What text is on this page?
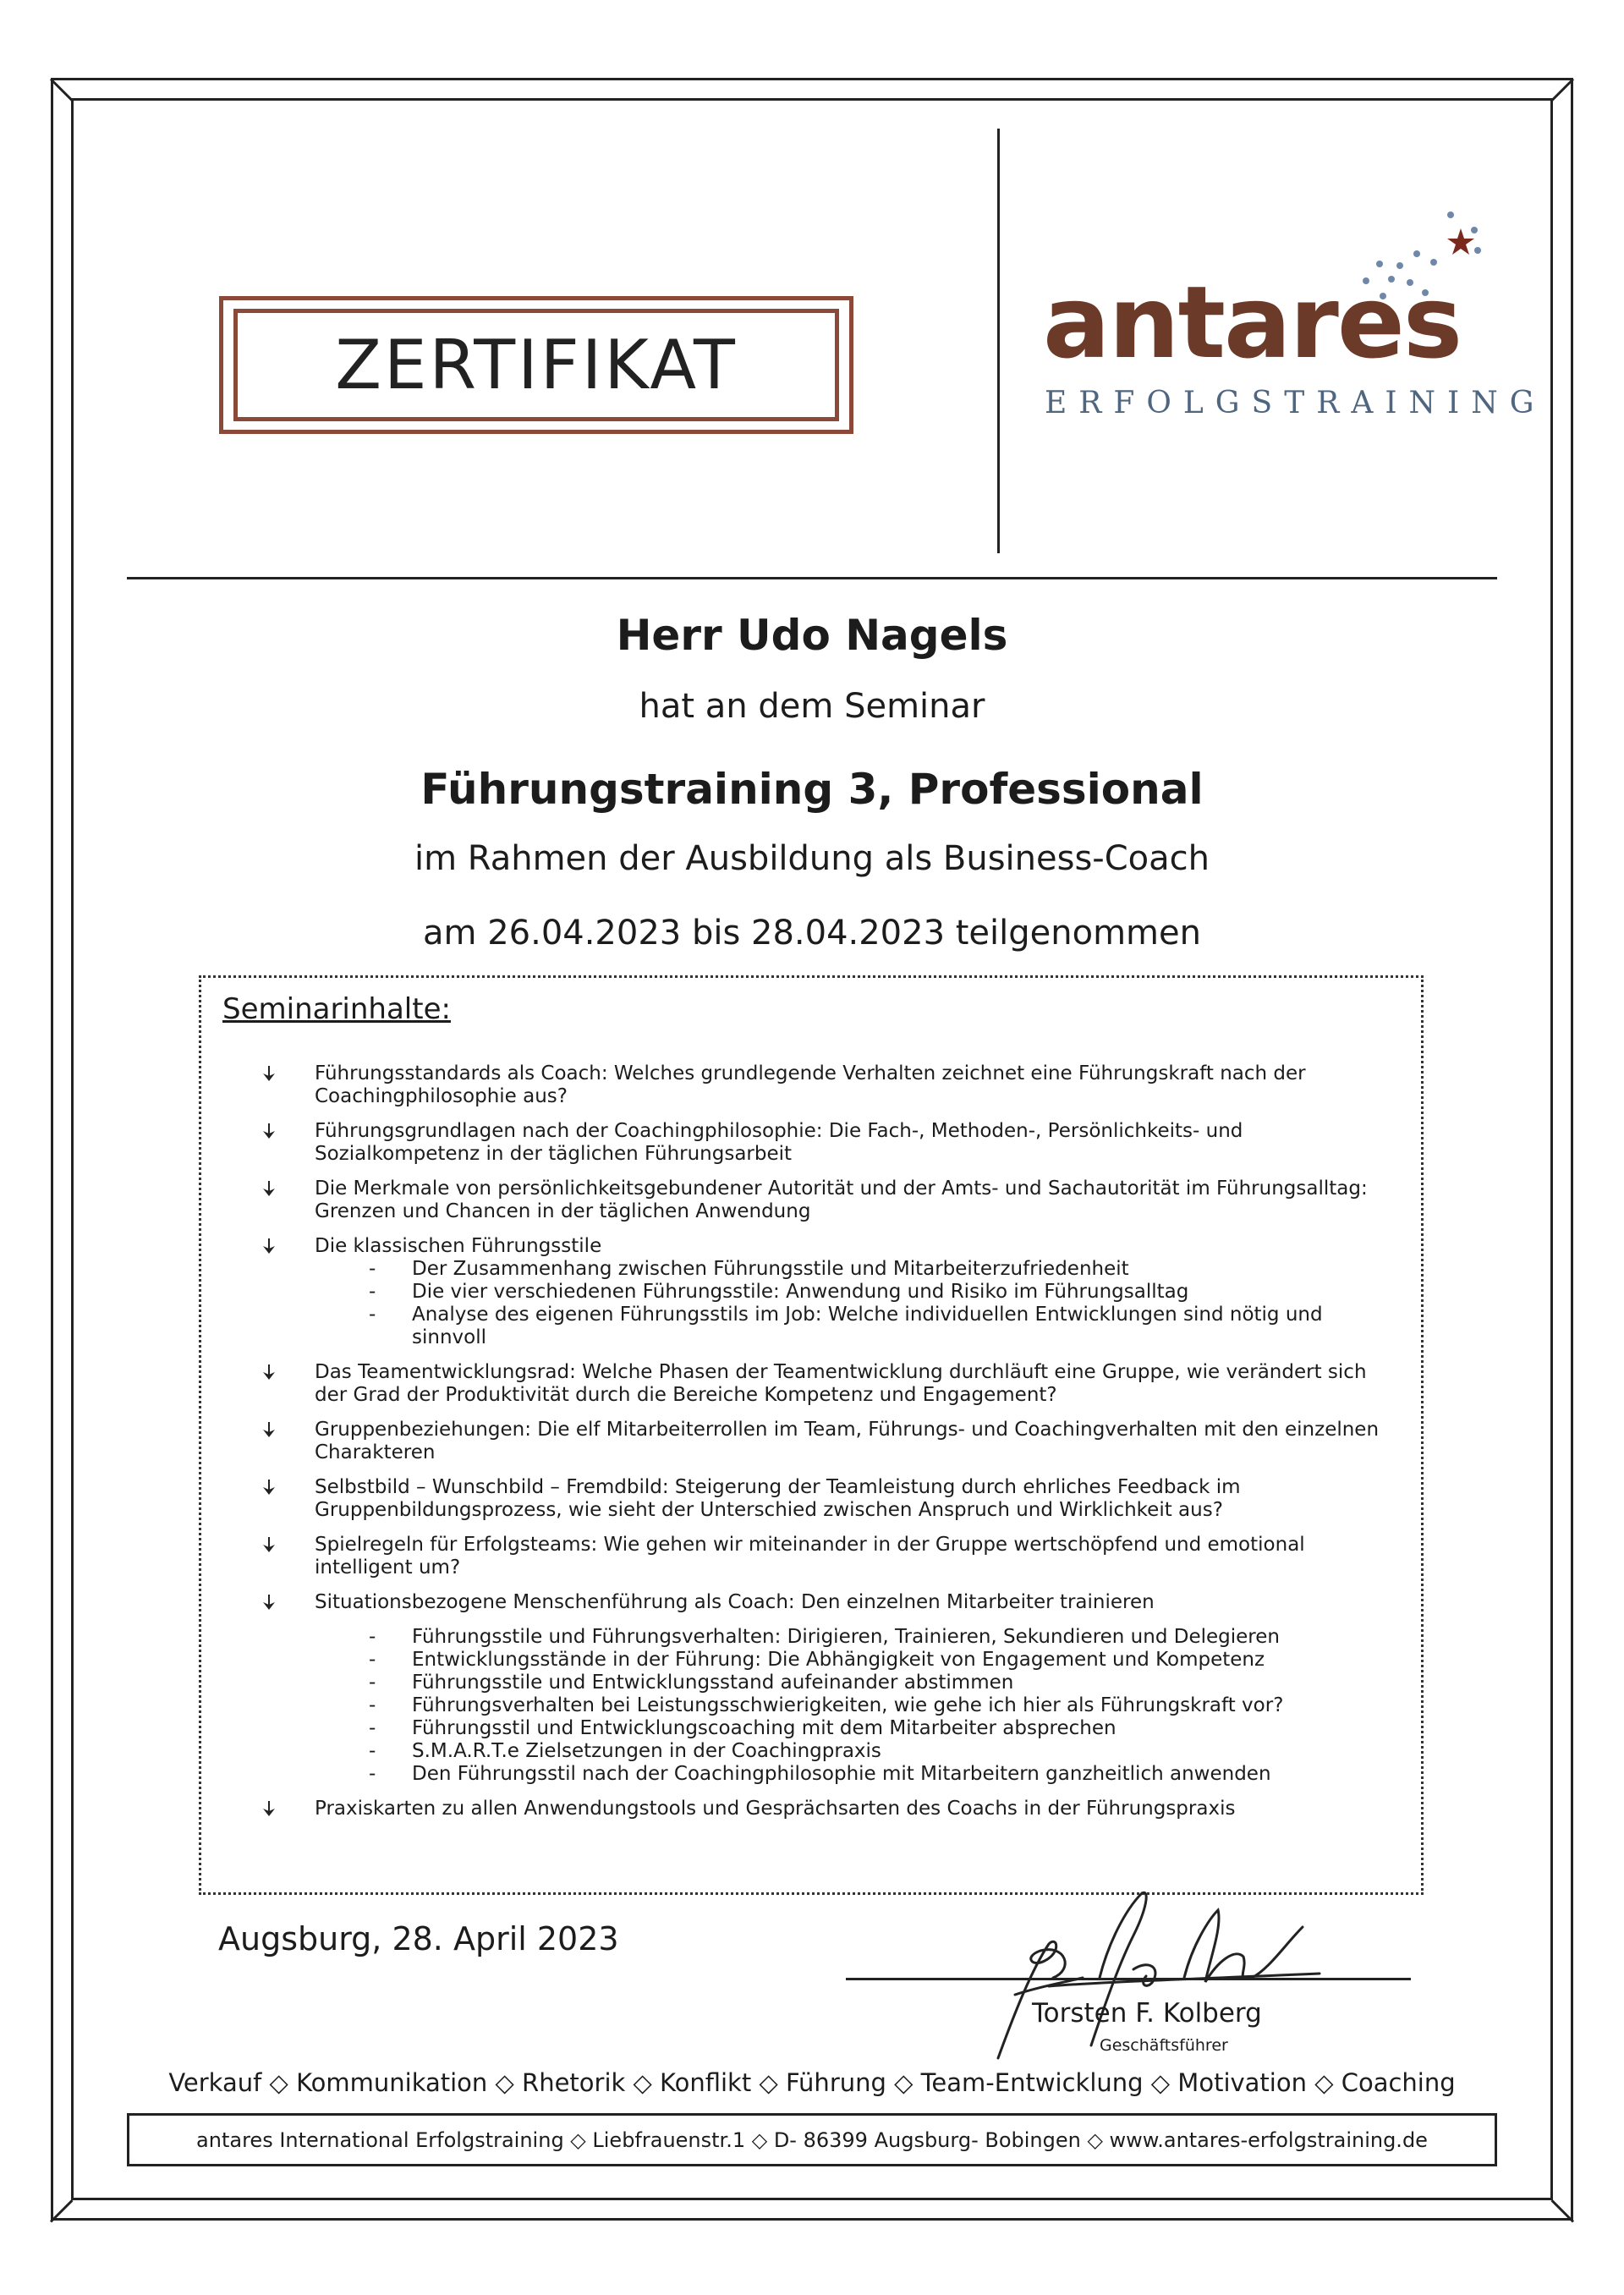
ZERTIFIKAT	antares
ERFOLGSTRAINING
Herr Udo Nagels
hat an dem Seminar
Führungstraining 3, Professional
im Rahmen der Ausbildung als Business-Coach
am 26.04.2023 bis 28.04.2023 teilgenommen
Seminarinhalte:
Führungsstandards als Coach: Welches grundlegende Verhalten zeichnet eine Führungskraft nach der Coachingphilosophie aus?
Führungsgrundlagen nach der Coachingphilosophie: Die Fach-, Methoden-, Persönlichkeits- und Sozialkompetenz in der täglichen Führungsarbeit
Die Merkmale von persönlichkeitsgebundener Autorität und der Amts- und Sachautorität im Führungsalltag: Grenzen und Chancen in der täglichen Anwendung
Die klassischen Führungsstile
- Der Zusammenhang zwischen Führungsstile und Mitarbeiterzufriedenheit
- Die vier verschiedenen Führungsstile: Anwendung und Risiko im Führungsalltag
- Analyse des eigenen Führungsstils im Job: Welche individuellen Entwicklungen sind nötig und sinnvoll
Das Teamentwicklungsrad: Welche Phasen der Teamentwicklung durchläuft eine Gruppe, wie verändert sich der Grad der Produktivität durch die Bereiche Kompetenz und Engagement?
Gruppenbeziehungen: Die elf Mitarbeiterrollen im Team, Führungs- und Coachingverhalten mit den einzelnen Charakteren
Selbstbild – Wunschbild – Fremdbild: Steigerung der Teamleistung durch ehrliches Feedback im Gruppenbildungsprozess, wie sieht der Unterschied zwischen Anspruch und Wirklichkeit aus?
Spielregeln für Erfolgsteams: Wie gehen wir miteinander in der Gruppe wertschöpfend und emotional intelligent um?
Situationsbezogene Menschenführung als Coach: Den einzelnen Mitarbeiter trainieren
- Führungsstile und Führungsverhalten: Dirigieren, Trainieren, Sekundieren und Delegieren
- Entwicklungsstände in der Führung: Die Abhängigkeit von Engagement und Kompetenz
- Führungsstile und Entwicklungsstand aufeinander abstimmen
- Führungsverhalten bei Leistungsschwierigkeiten, wie gehe ich hier als Führungskraft vor?
- Führungsstil und Entwicklungscoaching mit dem Mitarbeiter absprechen
- S.M.A.R.T.e Zielsetzungen in der Coachingpraxis
- Den Führungsstil nach der Coachingphilosophie mit Mitarbeitern ganzheitlich anwenden
Praxiskarten zu allen Anwendungstools und Gesprächsarten des Coachs in der Führungspraxis
Augsburg, 28. April 2023
Torsten F. Kolberg
Geschäftsführer
Verkauf ◇ Kommunikation ◇ Rhetorik ◇ Konflikt ◇ Führung ◇ Team-Entwicklung ◇ Motivation ◇ Coaching
antares International Erfolgstraining ◇ Liebfrauenstr.1 ◇ D- 86399 Augsburg- Bobingen ◇ www.antares-erfolgstraining.de
